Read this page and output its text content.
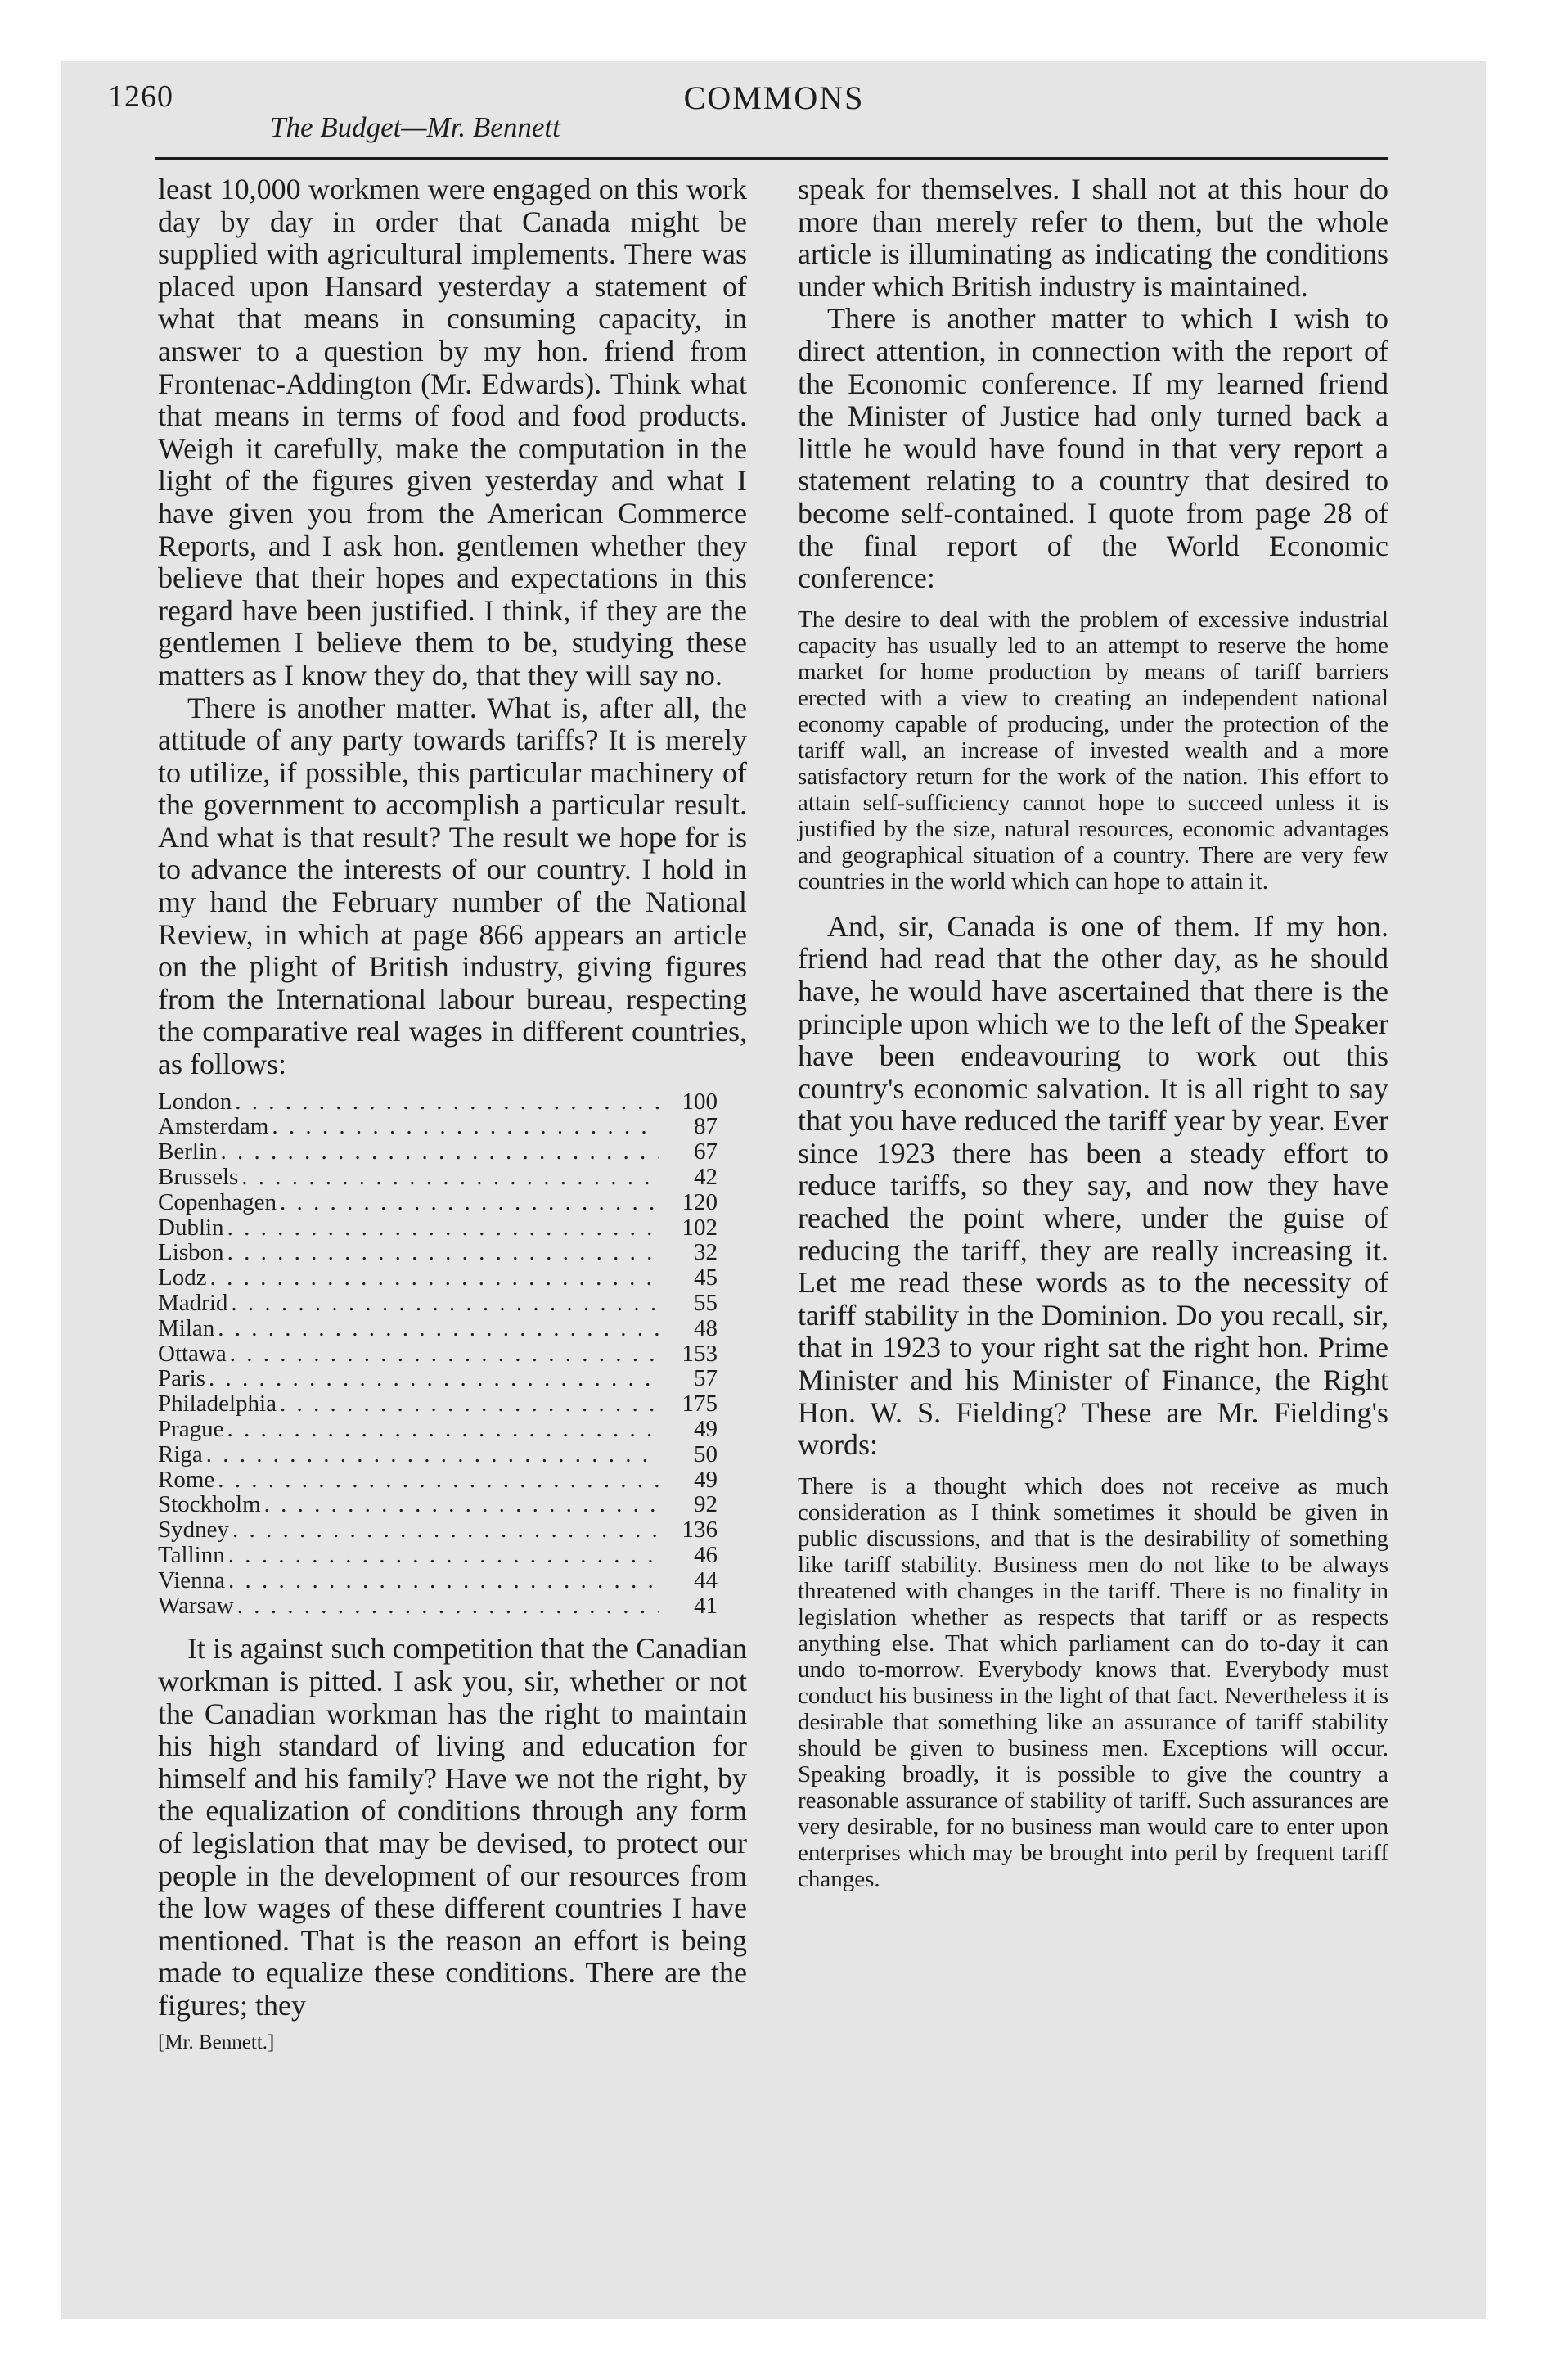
1260	COMMONS
The Budget—Mr. Bennett

least 10,000 workmen were engaged on this work day by day in order that Canada might be supplied with agricultural implements. There was placed upon Hansard yesterday a statement of what that means in consuming capacity, in answer to a question by my hon. friend from Frontenac-Addington (Mr. Edwards). Think what that means in terms of food and food products. Weigh it carefully, make the computation in the light of the figures given yesterday and what I have given you from the American Commerce Reports, and I ask hon. gentlemen whether they believe that their hopes and expectations in this regard have been justified. I think, if they are the gentlemen I believe them to be, studying these matters as I know they do, that they will say no.

There is another matter. What is, after all, the attitude of any party towards tariffs? It is merely to utilize, if possible, this particular machinery of the government to accomplish a particular result. And what is that result? The result we hope for is to advance the interests of our country. I hold in my hand the February number of the National Review, in which at page 866 appears an article on the plight of British industry, giving figures from the International labour bureau, respecting the comparative real wages in different countries, as follows:

London . . .	100
Amsterdam . . .	87
Berlin . . .	67
Brussels . . .	42
Copenhagen . . .	120
Dublin . . .	102
Lisbon . . .	32
Lodz . . .	45
Madrid . . .	55
Milan . . .	48
Ottawa . . .	153
Paris . . .	57
Philadelphia . . .	175
Prague . . .	49
Riga . . .	50
Rome . . .	49
Stockholm . . .	92
Sydney . . .	136
Tallinn . . .	46
Vienna . . .	44
Warsaw . . .	41

It is against such competition that the Canadian workman is pitted. I ask you, sir, whether or not the Canadian workman has the right to maintain his high standard of living and education for himself and his family? Have we not the right, by the equalization of conditions through any form of legislation that may be devised, to protect our people in the development of our resources from the low wages of these different countries I have mentioned. That is the reason an effort is being made to equalize these conditions. There are the figures; they

[Mr. Bennett.]

speak for themselves. I shall not at this hour do more than merely refer to them, but the whole article is illuminating as indicating the conditions under which British industry is maintained.

There is another matter to which I wish to direct attention, in connection with the report of the Economic conference. If my learned friend the Minister of Justice had only turned back a little he would have found in that very report a statement relating to a country that desired to become self-contained. I quote from page 28 of the final report of the World Economic conference:

The desire to deal with the problem of excessive industrial capacity has usually led to an attempt to reserve the home market for home production by means of tariff barriers erected with a view to creating an independent national economy capable of producing, under the protection of the tariff wall, an increase of invested wealth and a more satisfactory return for the work of the nation. This effort to attain self-sufficiency cannot hope to succeed unless it is justified by the size, natural resources, economic advantages and geographical situation of a country. There are very few countries in the world which can hope to attain it.

And, sir, Canada is one of them. If my hon. friend had read that the other day, as he should have, he would have ascertained that there is the principle upon which we to the left of the Speaker have been endeavouring to work out this country's economic salvation. It is all right to say that you have reduced the tariff year by year. Ever since 1923 there has been a steady effort to reduce tariffs, so they say, and now they have reached the point where, under the guise of reducing the tariff, they are really increasing it. Let me read these words as to the necessity of tariff stability in the Dominion. Do you recall, sir, that in 1923 to your right sat the right hon. Prime Minister and his Minister of Finance, the Right Hon. W. S. Fielding? These are Mr. Fielding's words:

There is a thought which does not receive as much consideration as I think sometimes it should be given in public discussions, and that is the desirability of something like tariff stability. Business men do not like to be always threatened with changes in the tariff. There is no finality in legislation whether as respects that tariff or as respects anything else. That which parliament can do to-day it can undo to-morrow. Everybody knows that. Everybody must conduct his business in the light of that fact. Nevertheless it is desirable that something like an assurance of tariff stability should be given to business men. Exceptions will occur. Speaking broadly, it is possible to give the country a reasonable assurance of stability of tariff. Such assurances are very desirable, for no business man would care to enter upon enterprises which may be brought into peril by frequent tariff changes.
